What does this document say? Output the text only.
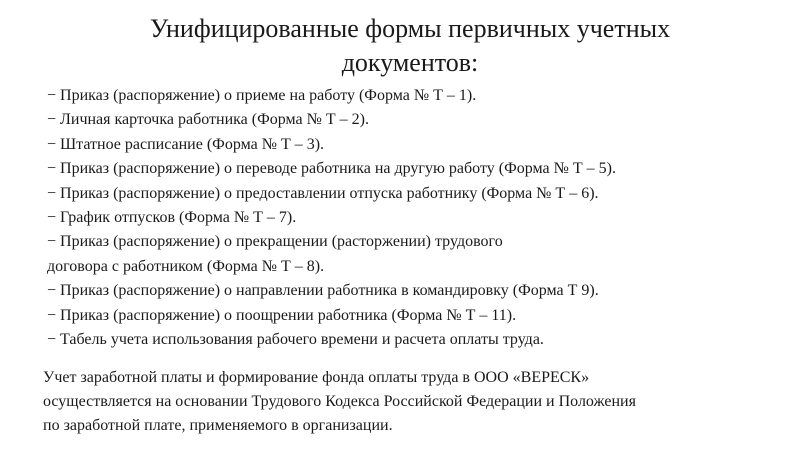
Унифицированные формы первичных учетных
документов:
− Приказ (распоряжение) о приеме на работу (Форма № Т – 1).
− Личная карточка работника (Форма № Т – 2).
− Штатное расписание (Форма № Т – 3).
− Приказ (распоряжение) о переводе работника на другую работу (Форма № Т – 5).
− Приказ (распоряжение) о предоставлении отпуска работнику (Форма № Т – 6).
− График отпусков (Форма № Т – 7).
− Приказ (распоряжение) о прекращении (расторжении) трудового
договора с работником (Форма № Т – 8).
− Приказ (распоряжение) о направлении работника в командировку (Форма Т 9).
− Приказ (распоряжение) о поощрении работника (Форма № Т – 11).
− Табель учета использования рабочего времени и расчета оплаты труда.

Учет заработной платы и формирование фонда оплаты труда в ООО «ВЕРЕСК»
осуществляется на основании Трудового Кодекса Российской Федерации и Положения
по заработной плате, применяемого в организации.
